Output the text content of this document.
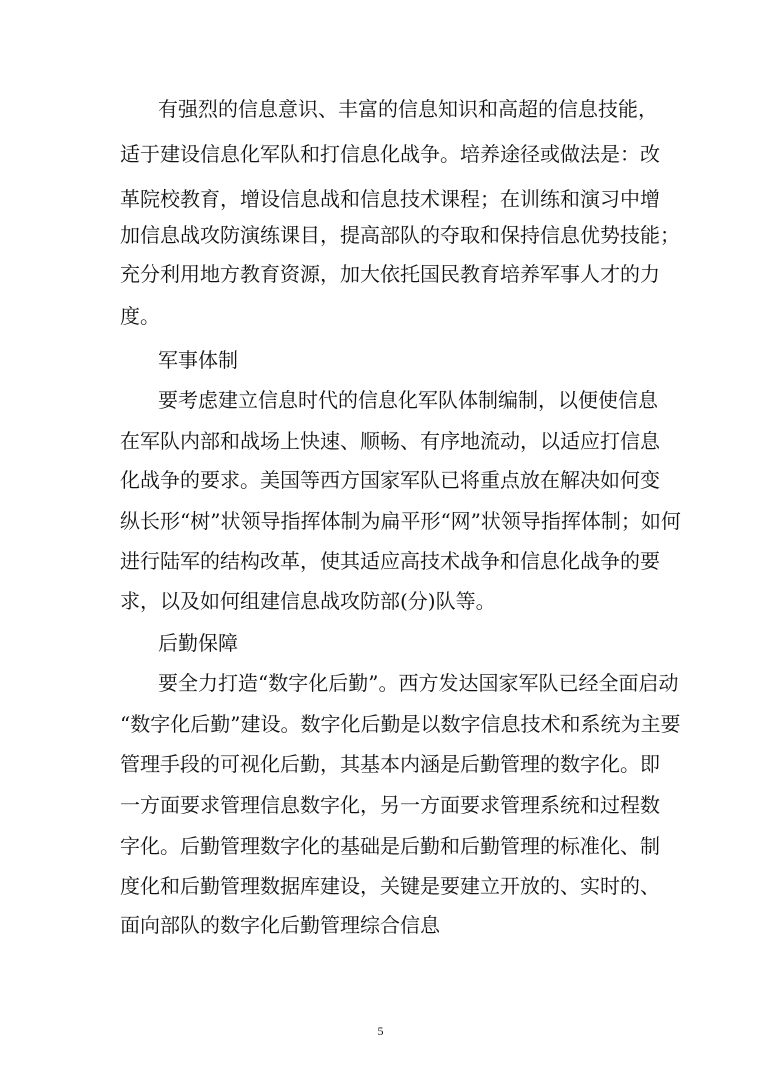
有强烈的信息意识、丰富的信息知识和高超的信息技能，
适于建设信息化军队和打信息化战争。培养途径或做法是：改
革院校教育，增设信息战和信息技术课程；在训练和演习中增
加信息战攻防演练课目，提高部队的夺取和保持信息优势技能；
充分利用地方教育资源，加大依托国民教育培养军事人才的力
度。
军事体制
要考虑建立信息时代的信息化军队体制编制，以便使信息
在军队内部和战场上快速、顺畅、有序地流动，以适应打信息
化战争的要求。美国等西方国家军队已将重点放在解决如何变
纵长形“树”状领导指挥体制为扁平形“网”状领导指挥体制；如何
进行陆军的结构改革，使其适应高技术战争和信息化战争的要
求，以及如何组建信息战攻防部(分)队等。
后勤保障
要全力打造“数字化后勤”。西方发达国家军队已经全面启动
“数字化后勤”建设。数字化后勤是以数字信息技术和系统为主要
管理手段的可视化后勤，其基本内涵是后勤管理的数字化。即
一方面要求管理信息数字化，另一方面要求管理系统和过程数
字化。后勤管理数字化的基础是后勤和后勤管理的标准化、制
度化和后勤管理数据库建设，关键是要建立开放的、实时的、
面向部队的数字化后勤管理综合信息
5
